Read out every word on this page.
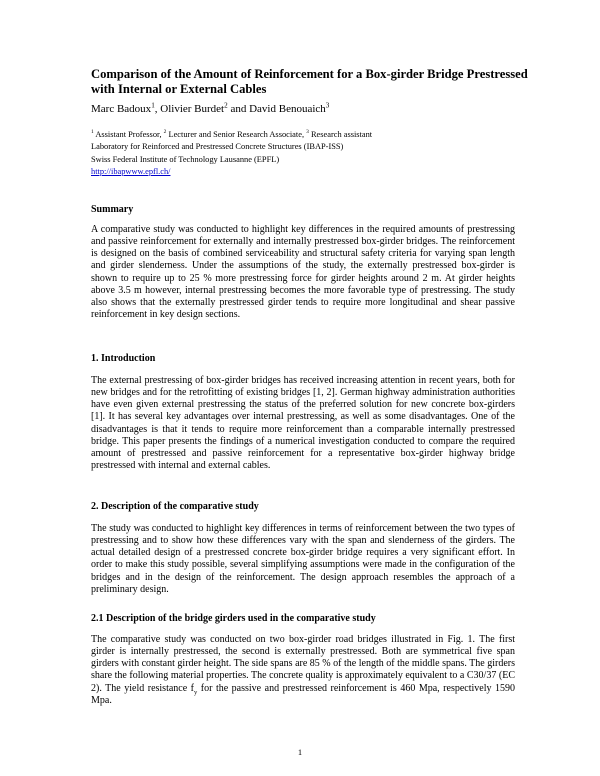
Comparison of the Amount of Reinforcement for a Box-girder Bridge Prestressed with Internal or External Cables
Marc Badoux$^1$, Olivier Burdet$^2$ and David Benouaich$^3$
$^1$ Assistant Professor, $^2$ Lecturer and Senior Research Associate, $^3$ Research assistant
Laboratory for Reinforced and Prestressed Concrete Structures (IBAP-ISS)
Swiss Federal Institute of Technology Lausanne (EPFL)
http://ibapwww.epfl.ch/
Summary

A comparative study was conducted to highlight key differences in the required amounts of prestressing and passive reinforcement for externally and internally prestressed box-girder bridges. The reinforcement is designed on the basis of combined serviceability and structural safety criteria for varying span length and girder slenderness. Under the assumptions of the study, the externally prestressed box-girder is shown to require up to 25 % more prestressing force for girder heights around 2 m. At girder heights above 3.5 m however, internal prestressing becomes the more favorable type of prestressing. The study also shows that the externally prestressed girder tends to require more longitudinal and shear passive reinforcement in key design sections.

1. Introduction

The external prestressing of box-girder bridges has received increasing attention in recent years, both for new bridges and for the retrofitting of existing bridges [1, 2]. German highway administration authorities have even given external prestressing the status of the preferred solution for new concrete box-girders [1]. It has several key advantages over internal prestressing, as well as some disadvantages. One of the disadvantages is that it tends to require more reinforcement than a comparable internally prestressed bridge. This paper presents the findings of a numerical investigation conducted to compare the required amount of prestressed and passive reinforcement for a representative box-girder highway bridge prestressed with internal and external cables.

2. Description of the comparative study

The study was conducted to highlight key differences in terms of reinforcement between the two types of prestressing and to show how these differences vary with the span and slenderness of the girders. The actual detailed design of a prestressed concrete box-girder bridge requires a very significant effort. In order to make this study possible, several simplifying assumptions were made in the configuration of the bridges and in the design of the reinforcement. The design approach resembles the approach of a preliminary design.

2.1 Description of the bridge girders used in the comparative study

The comparative study was conducted on two box-girder road bridges illustrated in Fig. 1. The first girder is internally prestressed, the second is externally prestressed. Both are symmetrical five span girders with constant girder height. The side spans are 85 % of the length of the middle spans. The girders share the following material properties. The concrete quality is approximately equivalent to a C30/37 (EC 2). The yield resistance $f_y$ for the passive and prestressed reinforcement is 460 Mpa, respectively 1590 Mpa.

1
